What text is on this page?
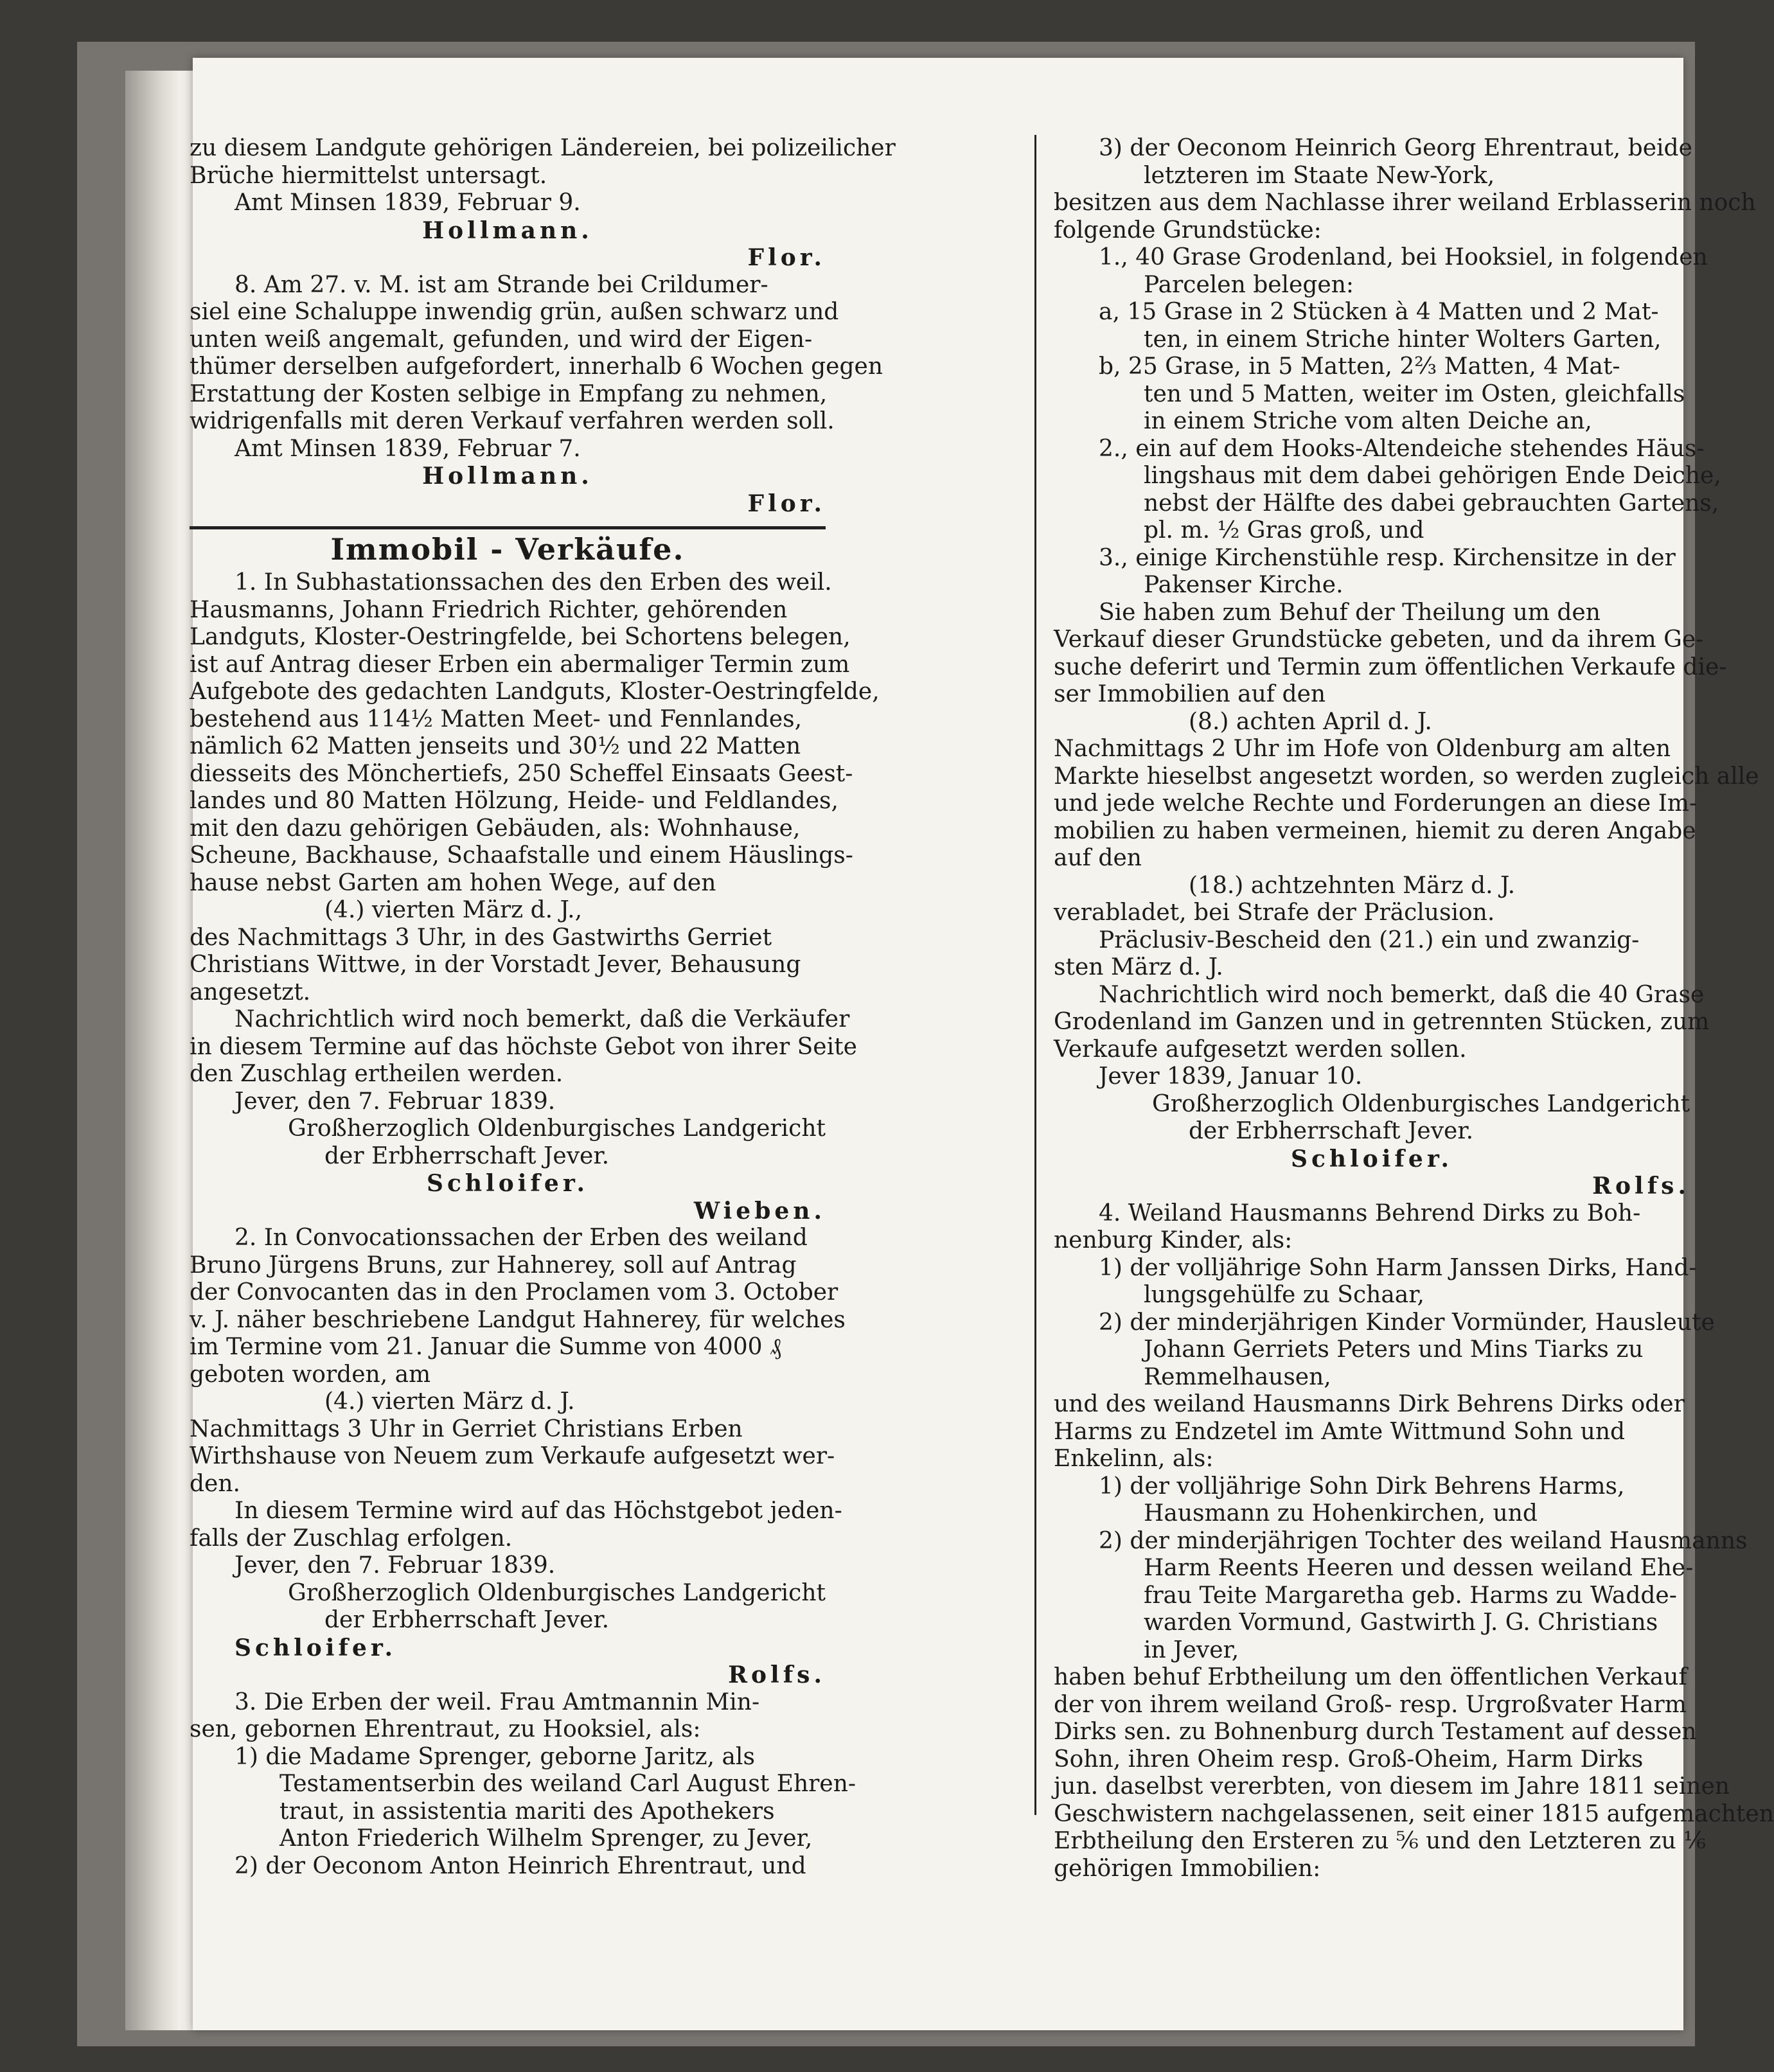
zu diesem Landgute gehörigen Ländereien, bei polizeilicher
Brüche hiermittelst untersagt.
Amt Minsen 1839, Februar 9.
Hollmann.
Flor.
8. Am 27. v. M. ist am Strande bei Crildumer-
siel eine Schaluppe inwendig grün, außen schwarz und
unten weiß angemalt, gefunden, und wird der Eigen-
thümer derselben aufgefordert, innerhalb 6 Wochen gegen
Erstattung der Kosten selbige in Empfang zu nehmen,
widrigenfalls mit deren Verkauf verfahren werden soll.
Amt Minsen 1839, Februar 7.
Hollmann.
Flor.
Immobil - Verkäufe.
1. In Subhastationssachen des den Erben des weil.
Hausmanns, Johann Friedrich Richter, gehörenden
Landguts, Kloster-Oestringfelde, bei Schortens belegen,
ist auf Antrag dieser Erben ein abermaliger Termin zum
Aufgebote des gedachten Landguts, Kloster-Oestringfelde,
bestehend aus 114½ Matten Meet- und Fennlandes,
nämlich 62 Matten jenseits und 30½ und 22 Matten
diesseits des Mönchertiefs, 250 Scheffel Einsaats Geest-
landes und 80 Matten Hölzung, Heide- und Feldlandes,
mit den dazu gehörigen Gebäuden, als: Wohnhause,
Scheune, Backhause, Schaafstalle und einem Häuslings-
hause nebst Garten am hohen Wege, auf den
(4.) vierten März d. J.,
des Nachmittags 3 Uhr, in des Gastwirths Gerriet
Christians Wittwe, in der Vorstadt Jever, Behausung
angesetzt.
Nachrichtlich wird noch bemerkt, daß die Verkäufer
in diesem Termine auf das höchste Gebot von ihrer Seite
den Zuschlag ertheilen werden.
Jever, den 7. Februar 1839.
Großherzoglich Oldenburgisches Landgericht
der Erbherrschaft Jever.
Schloifer.
Wieben.
2. In Convocationssachen der Erben des weiland
Bruno Jürgens Bruns, zur Hahnerey, soll auf Antrag
der Convocanten das in den Proclamen vom 3. October
v. J. näher beschriebene Landgut Hahnerey, für welches
im Termine vom 21. Januar die Summe von 4000 ₰
geboten worden, am
(4.) vierten März d. J.
Nachmittags 3 Uhr in Gerriet Christians Erben
Wirthshause von Neuem zum Verkaufe aufgesetzt wer-
den.
In diesem Termine wird auf das Höchstgebot jeden-
falls der Zuschlag erfolgen.
Jever, den 7. Februar 1839.
Großherzoglich Oldenburgisches Landgericht
der Erbherrschaft Jever.
Schloifer.
Rolfs.
3. Die Erben der weil. Frau Amtmannin Min-
sen, gebornen Ehrentraut, zu Hooksiel, als:
1) die Madame Sprenger, geborne Jaritz, als
Testamentserbin des weiland Carl August Ehren-
traut, in assistentia mariti des Apothekers
Anton Friederich Wilhelm Sprenger, zu Jever,
2) der Oeconom Anton Heinrich Ehrentraut, und
3) der Oeconom Heinrich Georg Ehrentraut, beide
letzteren im Staate New-York,
besitzen aus dem Nachlasse ihrer weiland Erblasserin noch
folgende Grundstücke:
1., 40 Grase Grodenland, bei Hooksiel, in folgenden
Parcelen belegen:
a, 15 Grase in 2 Stücken à 4 Matten und 2 Mat-
ten, in einem Striche hinter Wolters Garten,
b, 25 Grase, in 5 Matten, 2⅔ Matten, 4 Mat-
ten und 5 Matten, weiter im Osten, gleichfalls
in einem Striche vom alten Deiche an,
2., ein auf dem Hooks-Altendeiche stehendes Häus-
lingshaus mit dem dabei gehörigen Ende Deiche,
nebst der Hälfte des dabei gebrauchten Gartens,
pl. m. ½ Gras groß, und
3., einige Kirchenstühle resp. Kirchensitze in der
Pakenser Kirche.
Sie haben zum Behuf der Theilung um den
Verkauf dieser Grundstücke gebeten, und da ihrem Ge-
suche deferirt und Termin zum öffentlichen Verkaufe die-
ser Immobilien auf den
(8.) achten April d. J.
Nachmittags 2 Uhr im Hofe von Oldenburg am alten
Markte hieselbst angesetzt worden, so werden zugleich alle
und jede welche Rechte und Forderungen an diese Im-
mobilien zu haben vermeinen, hiemit zu deren Angabe
auf den
(18.) achtzehnten März d. J.
verabladet, bei Strafe der Präclusion.
Präclusiv-Bescheid den (21.) ein und zwanzig-
sten März d. J.
Nachrichtlich wird noch bemerkt, daß die 40 Grase
Grodenland im Ganzen und in getrennten Stücken, zum
Verkaufe aufgesetzt werden sollen.
Jever 1839, Januar 10.
Großherzoglich Oldenburgisches Landgericht
der Erbherrschaft Jever.
Schloifer.
Rolfs.
4. Weiland Hausmanns Behrend Dirks zu Boh-
nenburg Kinder, als:
1) der volljährige Sohn Harm Janssen Dirks, Hand-
lungsgehülfe zu Schaar,
2) der minderjährigen Kinder Vormünder, Hausleute
Johann Gerriets Peters und Mins Tiarks zu
Remmelhausen,
und des weiland Hausmanns Dirk Behrens Dirks oder
Harms zu Endzetel im Amte Wittmund Sohn und
Enkelinn, als:
1) der volljährige Sohn Dirk Behrens Harms,
Hausmann zu Hohenkirchen, und
2) der minderjährigen Tochter des weiland Hausmanns
Harm Reents Heeren und dessen weiland Ehe-
frau Teite Margaretha geb. Harms zu Wadde-
warden Vormund, Gastwirth J. G. Christians
in Jever,
haben behuf Erbtheilung um den öffentlichen Verkauf
der von ihrem weiland Groß- resp. Urgroßvater Harm
Dirks sen. zu Bohnenburg durch Testament auf dessen
Sohn, ihren Oheim resp. Groß-Oheim, Harm Dirks
jun. daselbst vererbten, von diesem im Jahre 1811 seinen
Geschwistern nachgelassenen, seit einer 1815 aufgemachten
Erbtheilung den Ersteren zu ⅚ und den Letzteren zu ⅙
gehörigen Immobilien:
